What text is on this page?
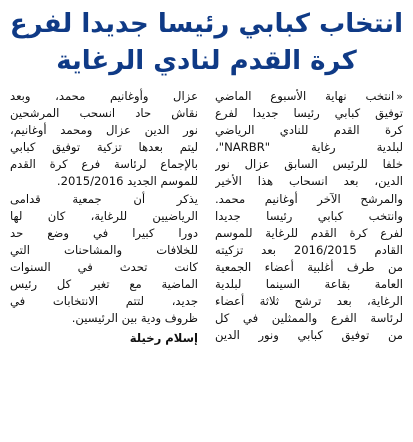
انتخاب كبابي رئيسا جديدا لفرع
كرة القدم لنادي الرغاية
«انتخب نهاية الأسبوع الماضي
توفيق كبابي رئيسا جديدا لفرع
كرة القدم للنادي الرياضي
لبلدية رغاية "NARBR"،
خلفا للرئيس السابق عزال نور
الدين، بعد انسحاب هذا الأخير
والمرشح الآخر أوغانيم محمد.
وانتخب كبابي رئيسا جديدا
لفرع كرة القدم للرغاية للموسم
القادم 2016/2015 بعد تزكيته
من طرف أغلبية أعضاء الجمعية
العامة بقاعة السينما لبلدية
الرغاية، بعد ترشح ثلاثة أعضاء
لرئاسة الفرع والممثلين في كل
من توفيق كبابي ونور الدين
عزال وأوغانيم محمد، وبعد
نقاش حاد انسحب المرشحين
نور الدين عزال ومحمد أوغانيم،
ليتم بعدها تزكية توفيق كبابي
بالإجماع لرئاسة فرع كرة القدم
للموسم الجديد 2015/2016.
يذكر أن جمعية قدامى
الرياضيين للرغاية، كان لها
دورا كبيرا في وضع حد
للخلافات والمشاحنات التي
كانت تحدث في السنوات
الماضية مع تغير كل رئيس
جديد، لتتم الانتخابات في
ظروف ودية بين الرئيسين.
إسلام رخيلة
